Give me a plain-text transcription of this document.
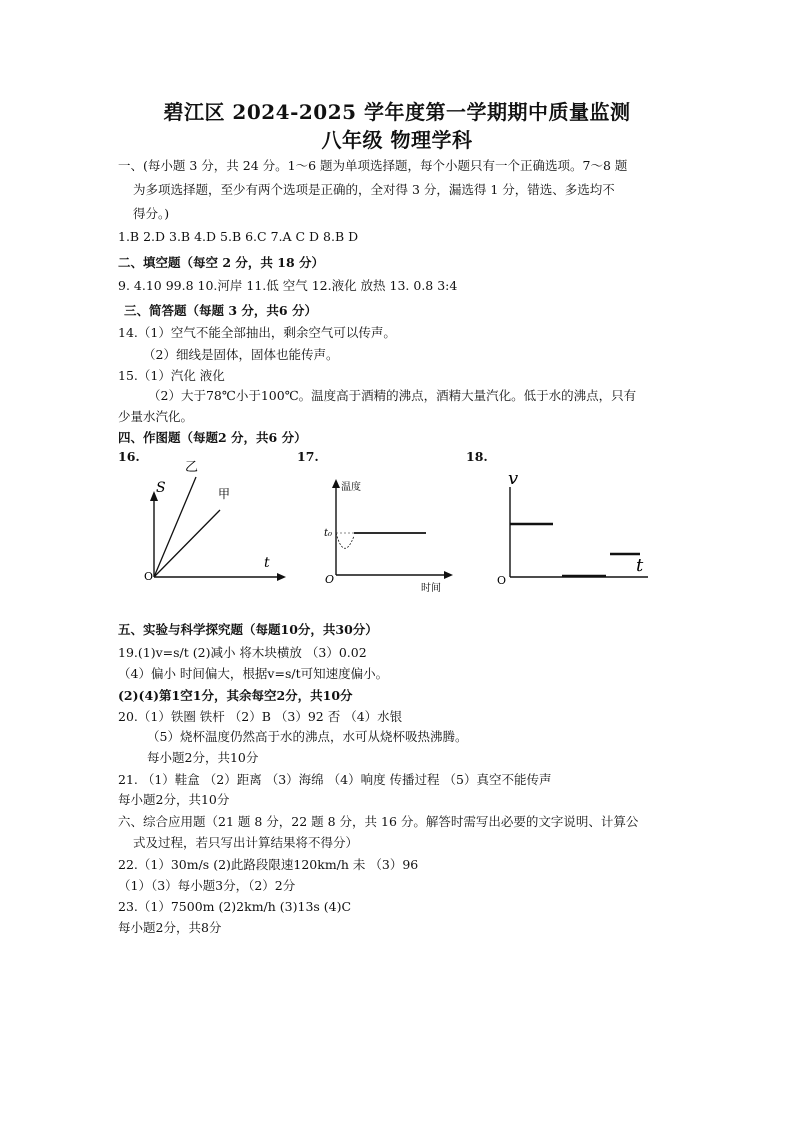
碧江区 2024-2025 学年度第一学期期中质量监测
八年级 物理学科
一、(每小题 3 分，共 24 分。1～6 题为单项选择题，每个小题只有一个正确选项。7～8 题
为多项选择题，至少有两个选项是正确的，全对得 3 分，漏选得 1 分，错选、多选均不
得分。)
1.B 2.D 3.B 4.D 5.B 6.C 7.A C D 8.B D
二、填空题（每空 2 分，共 18 分）
9. 4.10 99.8 10.河岸 11.低 空气 12.液化 放热 13. 0.8 3:4
三、简答题（每题 3 分，共6 分）
14.（1）空气不能全部抽出，剩余空气可以传声。
（2）细线是固体，固体也能传声。
15.（1）汽化 液化
（2）大于78℃小于100℃。温度高于酒精的沸点，酒精大量汽化。低于水的沸点，只有
少量水汽化。
四、作图题（每题2 分，共6 分）
16.	17.	18.
S
t
O
乙
甲	温度
时间
O
t₀
v
t
O
五、实验与科学探究题（每题10分，共30分）
19.(1)v=s/t (2)减小 将木块横放 （3）0.02
（4）偏小 时间偏大，根据v=s/t可知速度偏小。
(2)(4)第1空1分，其余每空2分，共10分
20.（1）铁圈 铁杆 （2）B （3）92 否 （4）水银
（5）烧杯温度仍然高于水的沸点，水可从烧杯吸热沸腾。
每小题2分，共10分
21. （1）鞋盒 （2）距离 （3）海绵 （4）响度 传播过程 （5）真空不能传声
每小题2分，共10分
六、综合应用题（21 题 8 分，22 题 8 分，共 16 分。解答时需写出必要的文字说明、计算公
式及过程，若只写出计算结果将不得分）
22.（1）30m/s (2)此路段限速120km/h 未 （3）96
（1）（3）每小题3分，（2）2分
23.（1）7500m (2)2km/h (3)13s (4)C
每小题2分，共8分
